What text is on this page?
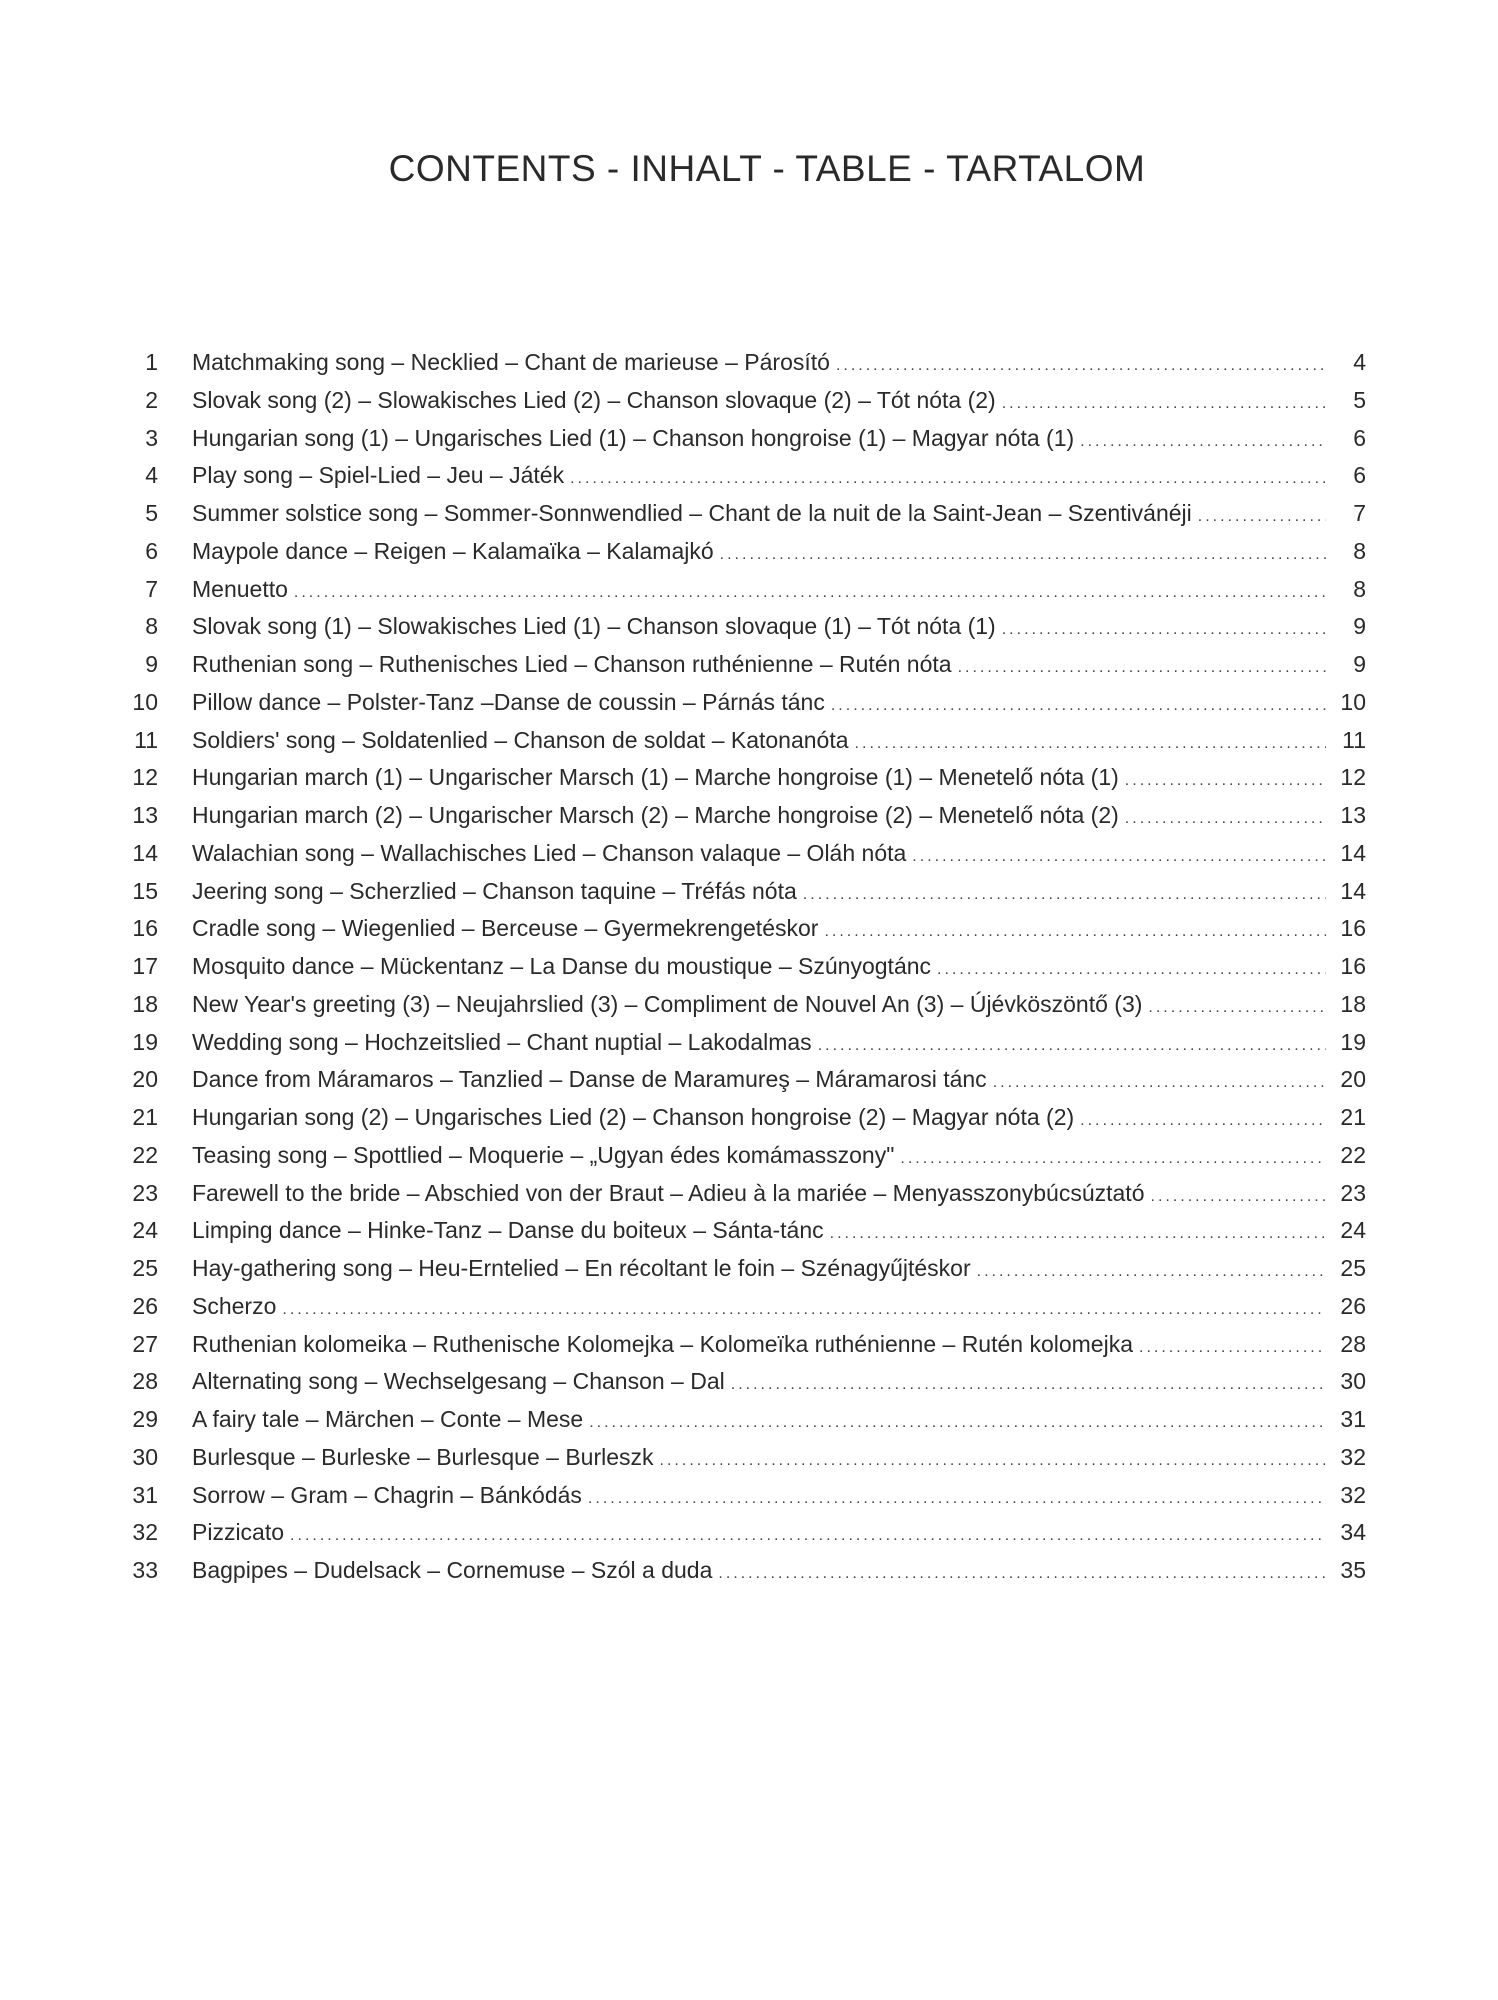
CONTENTS - INHALT - TABLE - TARTALOM
1 Matchmaking song – Necklied – Chant de marieuse – Párosító .....	4
2 Slovak song (2) – Slowakisches Lied (2) – Chanson slovaque (2) – Tót nóta (2) .....	5
3 Hungarian song (1) – Ungarisches Lied (1) – Chanson hongroise (1) – Magyar nóta (1) .....	6
4 Play song – Spiel-Lied – Jeu – Játék .....	6
5 Summer solstice song – Sommer-Sonnwendlied – Chant de la nuit de la Saint-Jean – Szentivánéji .....	7
6 Maypole dance – Reigen – Kalamaïka – Kalamajkó .....	8
7 Menuetto .....	8
8 Slovak song (1) – Slowakisches Lied (1) – Chanson slovaque (1) – Tót nóta (1) .....	9
9 Ruthenian song – Ruthenisches Lied – Chanson ruthénienne – Rutén nóta .....	9
10 Pillow dance – Polster-Tanz –Danse de coussin – Párnás tánc .....	10
11 Soldiers' song – Soldatenlied – Chanson de soldat – Katonanóta .....	11
12 Hungarian march (1) – Ungarischer Marsch (1) – Marche hongroise (1) – Menetelő nóta (1) .....	12
13 Hungarian march (2) – Ungarischer Marsch (2) – Marche hongroise (2) – Menetelő nóta (2) .....	13
14 Walachian song – Wallachisches Lied – Chanson valaque – Oláh nóta .....	14
15 Jeering song – Scherzlied – Chanson taquine – Tréfás nóta .....	14
16 Cradle song – Wiegenlied – Berceuse – Gyermekrengetéskor .....	16
17 Mosquito dance – Mückentanz – La Danse du moustique – Szúnyogtánc .....	16
18 New Year's greeting (3) – Neujahrslied (3) – Compliment de Nouvel An (3) – Újévköszöntő (3) .....	18
19 Wedding song – Hochzeitslied – Chant nuptial – Lakodalmas .....	19
20 Dance from Máramaros – Tanzlied – Danse de Maramureş – Máramarosi tánc .....	20
21 Hungarian song (2) – Ungarisches Lied (2) – Chanson hongroise (2) – Magyar nóta (2) .....	21
22 Teasing song – Spottlied – Moquerie – „Ugyan édes komámasszony" .....	22
23 Farewell to the bride – Abschied von der Braut – Adieu à la mariée – Menyasszonybúcsúztató .....	23
24 Limping dance – Hinke-Tanz – Danse du boiteux – Sánta-tánc .....	24
25 Hay-gathering song – Heu-Erntelied – En récoltant le foin – Szénagyűjtéskor .....	25
26 Scherzo .....	26
27 Ruthenian kolomeika – Ruthenische Kolomejka – Kolomeïka ruthénienne – Rutén kolomejka .....	28
28 Alternating song – Wechselgesang – Chanson – Dal .....	30
29 A fairy tale – Märchen – Conte – Mese .....	31
30 Burlesque – Burleske – Burlesque – Burleszk .....	32
31 Sorrow – Gram – Chagrin – Bánkódás .....	32
32 Pizzicato .....	34
33 Bagpipes – Dudelsack – Cornemuse – Szól a duda .....	35
